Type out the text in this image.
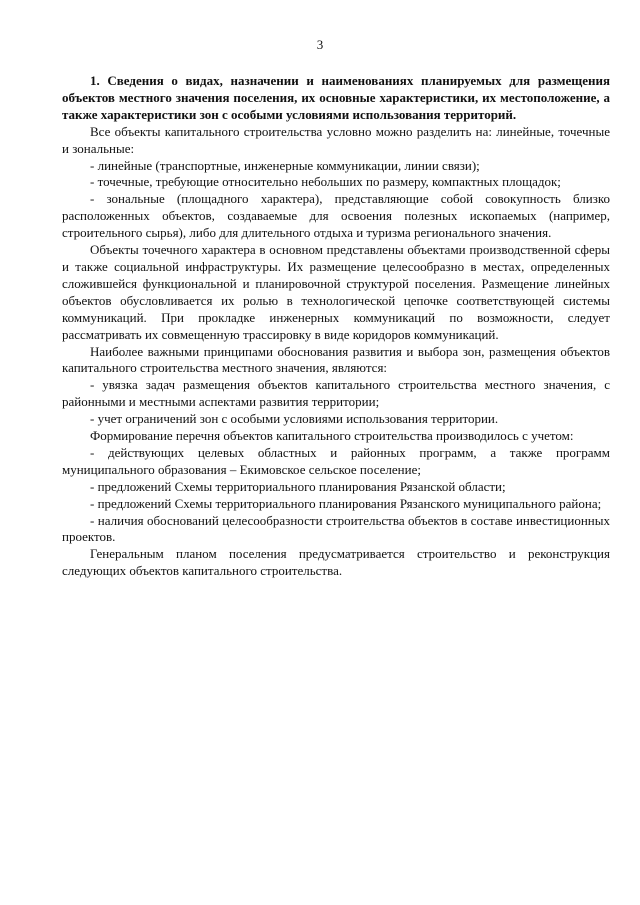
3

1. Сведения о видах, назначении и наименованиях планируемых для размещения объектов местного значения поселения, их основные характеристики, их местоположение, а также характеристики зон с особыми условиями использования территорий.

Все объекты капитального строительства условно можно разделить на: линейные, точечные и зональные:

- линейные (транспортные, инженерные коммуникации, линии связи);

- точечные, требующие относительно небольших по размеру, компактных площадок;

- зональные (площадного характера), представляющие собой совокупность близко расположенных объектов, создаваемые для освоения полезных ископаемых (например, строительного сырья), либо для длительного отдыха и туризма регионального значения.

Объекты точечного характера в основном представлены объектами производственной сферы и также социальной инфраструктуры. Их размещение целесообразно в местах, определенных сложившейся функциональной и планировочной структурой поселения. Размещение линейных объектов обусловливается их ролью в технологической цепочке соответствующей системы коммуникаций. При прокладке инженерных коммуникаций по возможности, следует рассматривать их совмещенную трассировку в виде коридоров коммуникаций.

Наиболее важными принципами обоснования развития и выбора зон, размещения объектов капитального строительства местного значения, являются:

- увязка задач размещения объектов капитального строительства местного значения, с районными и местными аспектами развития территории;

- учет ограничений зон с особыми условиями использования территории.

Формирование перечня объектов капитального строительства производилось с учетом:

- действующих целевых областных и районных программ, а также программ муниципального образования – Екимовское сельское поселение;

- предложений Схемы территориального планирования Рязанской области;

- предложений Схемы территориального планирования Рязанского муниципального района;

- наличия обоснований целесообразности строительства объектов в составе инвестиционных проектов.

Генеральным планом поселения предусматривается строительство и реконструкция следующих объектов капитального строительства.
